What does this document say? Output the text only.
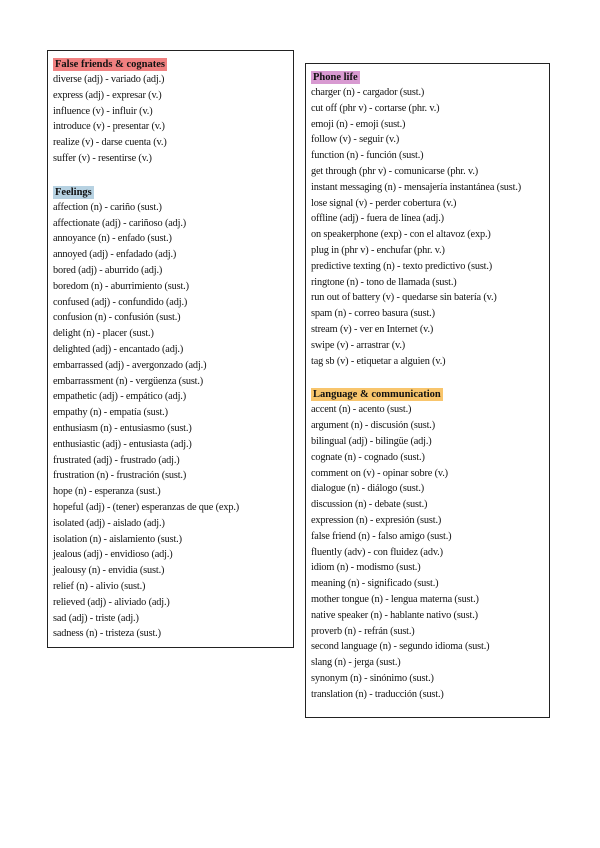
False friends & cognates
diverse (adj) - variado (adj.)
express (adj) - expresar (v.)
influence (v) - influir (v.)
introduce (v) - presentar (v.)
realize (v) - darse cuenta (v.)
suffer (v) - resentirse (v.)
Feelings
affection (n) - cariño (sust.)
affectionate (adj) - cariñoso (adj.)
annoyance (n) - enfado (sust.)
annoyed (adj) - enfadado (adj.)
bored (adj) - aburrido (adj.)
boredom (n) - aburrimiento (sust.)
confused (adj) - confundido (adj.)
confusion (n) - confusión (sust.)
delight (n) - placer (sust.)
delighted (adj) - encantado (adj.)
embarrassed (adj) - avergonzado (adj.)
embarrassment (n) - vergüenza (sust.)
empathetic (adj) - empático (adj.)
empathy (n) - empatía (sust.)
enthusiasm (n) - entusiasmo (sust.)
enthusiastic (adj) - entusiasta (adj.)
frustrated (adj) - frustrado (adj.)
frustration (n) - frustración (sust.)
hope (n) - esperanza (sust.)
hopeful (adj) - (tener) esperanzas de que (exp.)
isolated (adj) - aislado (adj.)
isolation (n) - aislamiento (sust.)
jealous (adj) - envidioso (adj.)
jealousy (n) - envidia (sust.)
relief (n) - alivio (sust.)
relieved (adj) - aliviado (adj.)
sad (adj) - triste (adj.)
sadness (n) - tristeza (sust.)
Phone life
charger (n) - cargador (sust.)
cut off (phr v) - cortarse (phr. v.)
emoji (n) - emoji (sust.)
follow (v) - seguir (v.)
function (n) - función (sust.)
get through (phr v) - comunicarse (phr. v.)
instant messaging (n) - mensajería instantánea (sust.)
lose signal (v) - perder cobertura (v.)
offline (adj) - fuera de línea (adj.)
on speakerphone (exp) - con el altavoz (exp.)
plug in (phr v) - enchufar (phr. v.)
predictive texting (n) - texto predictivo (sust.)
ringtone (n) - tono de llamada (sust.)
run out of battery (v) - quedarse sin batería (v.)
spam (n) - correo basura (sust.)
stream (v) - ver en Internet (v.)
swipe (v) - arrastrar (v.)
tag sb (v) - etiquetar a alguien (v.)
Language & communication
accent (n) - acento (sust.)
argument (n) - discusión (sust.)
bilingual (adj) - bilingüe (adj.)
cognate (n) - cognado (sust.)
comment on (v) - opinar sobre (v.)
dialogue (n) - diálogo (sust.)
discussion (n) - debate (sust.)
expression (n) - expresión (sust.)
false friend (n) - falso amigo (sust.)
fluently (adv) - con fluidez (adv.)
idiom (n) - modismo (sust.)
meaning (n) - significado (sust.)
mother tongue (n) - lengua materna (sust.)
native speaker (n) - hablante nativo (sust.)
proverb (n) - refrán (sust.)
second language (n) - segundo idioma (sust.)
slang (n) - jerga (sust.)
synonym (n) - sinónimo (sust.)
translation (n) - traducción (sust.)
